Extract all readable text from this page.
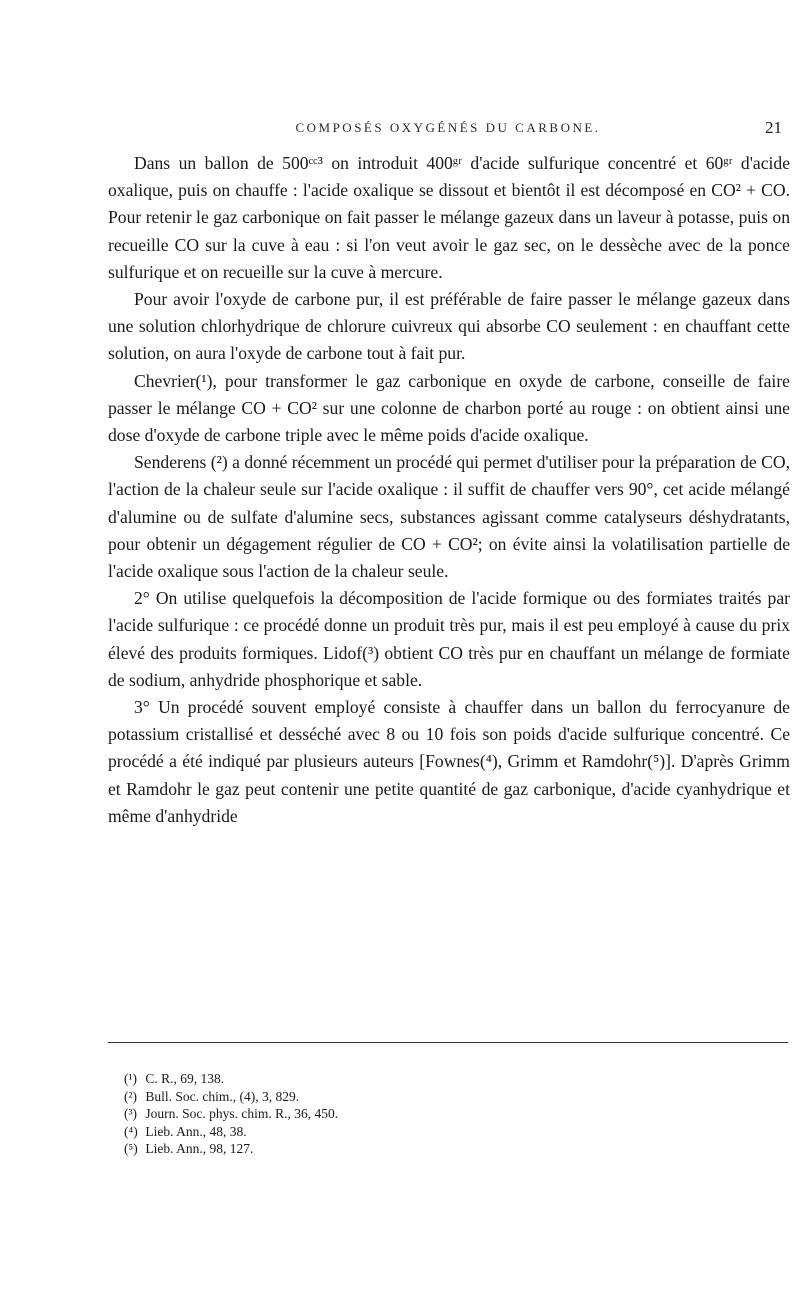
COMPOSÉS OXYGÉNÉS DU CARBONE.	21

Dans un ballon de 500ᶜᶜ³ on introduit 400ᵍʳ d'acide sulfurique concentré et 60ᵍʳ d'acide oxalique, puis on chauffe : l'acide oxalique se dissout et bientôt il est décomposé en CO² + CO. Pour retenir le gaz carbonique on fait passer le mélange gazeux dans un laveur à potasse, puis on recueille CO sur la cuve à eau : si l'on veut avoir le gaz sec, on le dessèche avec de la ponce sulfurique et on recueille sur la cuve à mercure.

Pour avoir l'oxyde de carbone pur, il est préférable de faire passer le mélange gazeux dans une solution chlorhydrique de chlorure cuivreux qui absorbe CO seulement : en chauffant cette solution, on aura l'oxyde de carbone tout à fait pur.

Chevrier(¹), pour transformer le gaz carbonique en oxyde de carbone, conseille de faire passer le mélange CO + CO² sur une colonne de charbon porté au rouge : on obtient ainsi une dose d'oxyde de carbone triple avec le même poids d'acide oxalique.

Senderens (²) a donné récemment un procédé qui permet d'utiliser pour la préparation de CO, l'action de la chaleur seule sur l'acide oxalique : il suffit de chauffer vers 90°, cet acide mélangé d'alumine ou de sulfate d'alumine secs, substances agissant comme catalyseurs déshydratants, pour obtenir un dégagement régulier de CO + CO²; on évite ainsi la volatilisation partielle de l'acide oxalique sous l'action de la chaleur seule.

2° On utilise quelquefois la décomposition de l'acide formique ou des formiates traités par l'acide sulfurique : ce procédé donne un produit très pur, mais il est peu employé à cause du prix élevé des produits formiques. Lidof(³) obtient CO très pur en chauffant un mélange de formiate de sodium, anhydride phosphorique et sable.

3° Un procédé souvent employé consiste à chauffer dans un ballon du ferrocyanure de potassium cristallisé et desséché avec 8 ou 10 fois son poids d'acide sulfurique concentré. Ce procédé a été indiqué par plusieurs auteurs [Fownes(⁴), Grimm et Ramdohr(⁵)]. D'après Grimm et Ramdohr le gaz peut contenir une petite quantité de gaz carbonique, d'acide cyanhydrique et même d'anhydride

(¹) C. R., 69, 138.

(²) Bull. Soc. chim., (4), 3, 829.

(³) Journ. Soc. phys. chim. R., 36, 450.

(⁴) Lieb. Ann., 48, 38.

(⁵) Lieb. Ann., 98, 127.
